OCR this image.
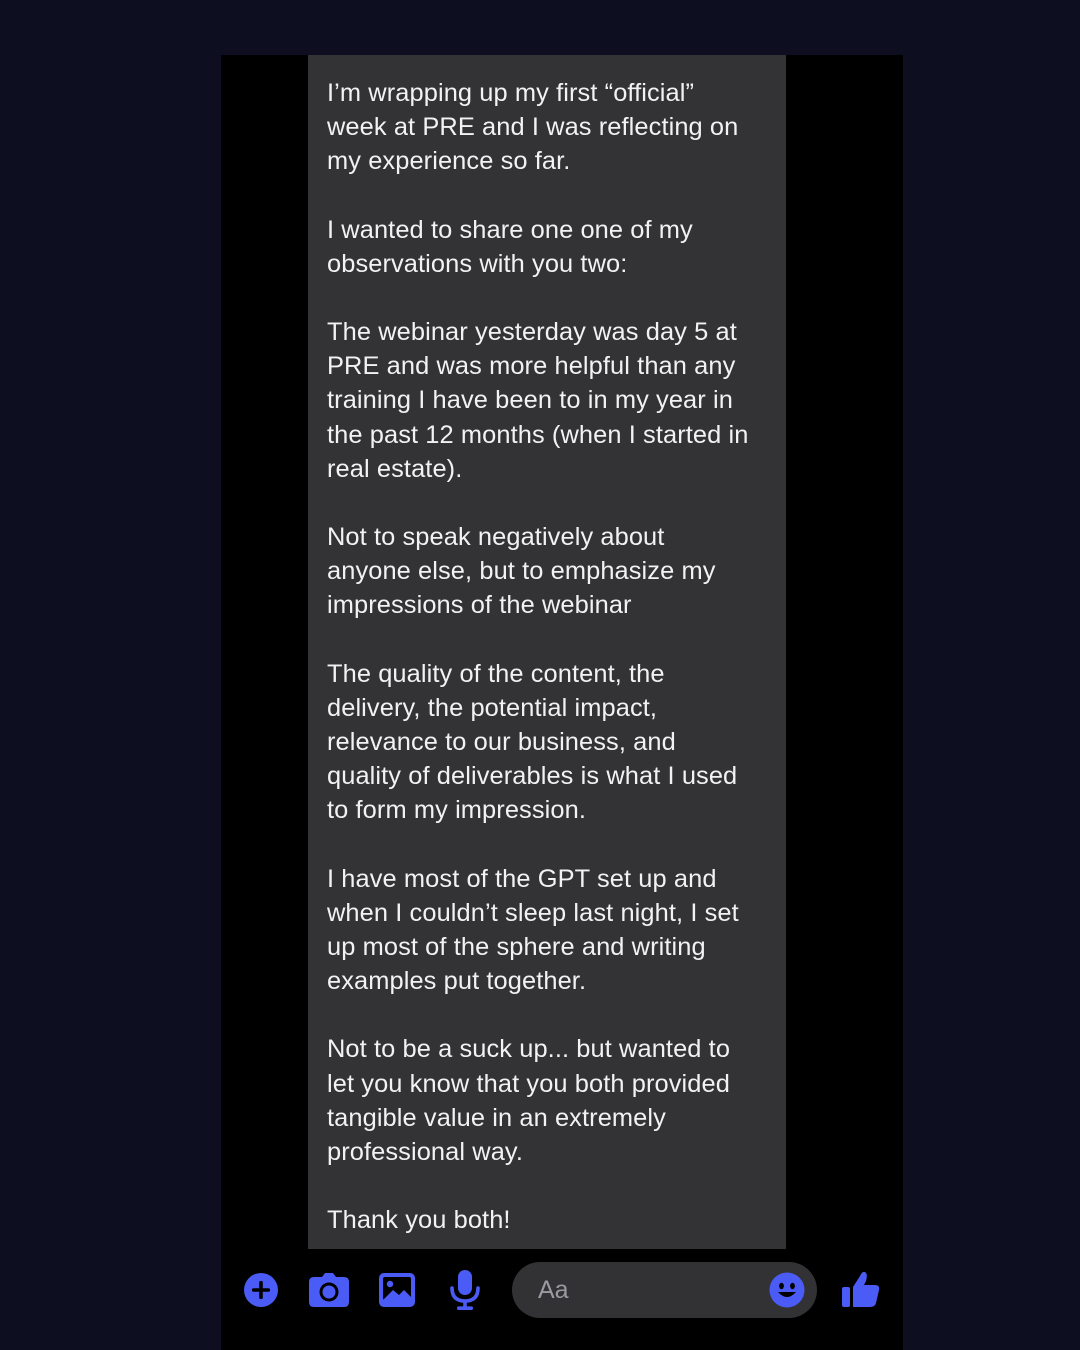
I’m wrapping up my first “official”
week at PRE and I was reflecting on
my experience so far.

I wanted to share one one of my
observations with you two:

The webinar yesterday was day 5 at
PRE and was more helpful than any
training I have been to in my year in
the past 12 months (when I started in
real estate).

Not to speak negatively about
anyone else, but to emphasize my
impressions of the webinar

The quality of the content, the
delivery, the potential impact,
relevance to our business, and
quality of deliverables is what I used
to form my impression.

I have most of the GPT set up and
when I couldn’t sleep last night, I set
up most of the sphere and writing
examples put together.

Not to be a suck up... but wanted to
let you know that you both provided
tangible value in an extremely
professional way.

Thank you both!

Aa
